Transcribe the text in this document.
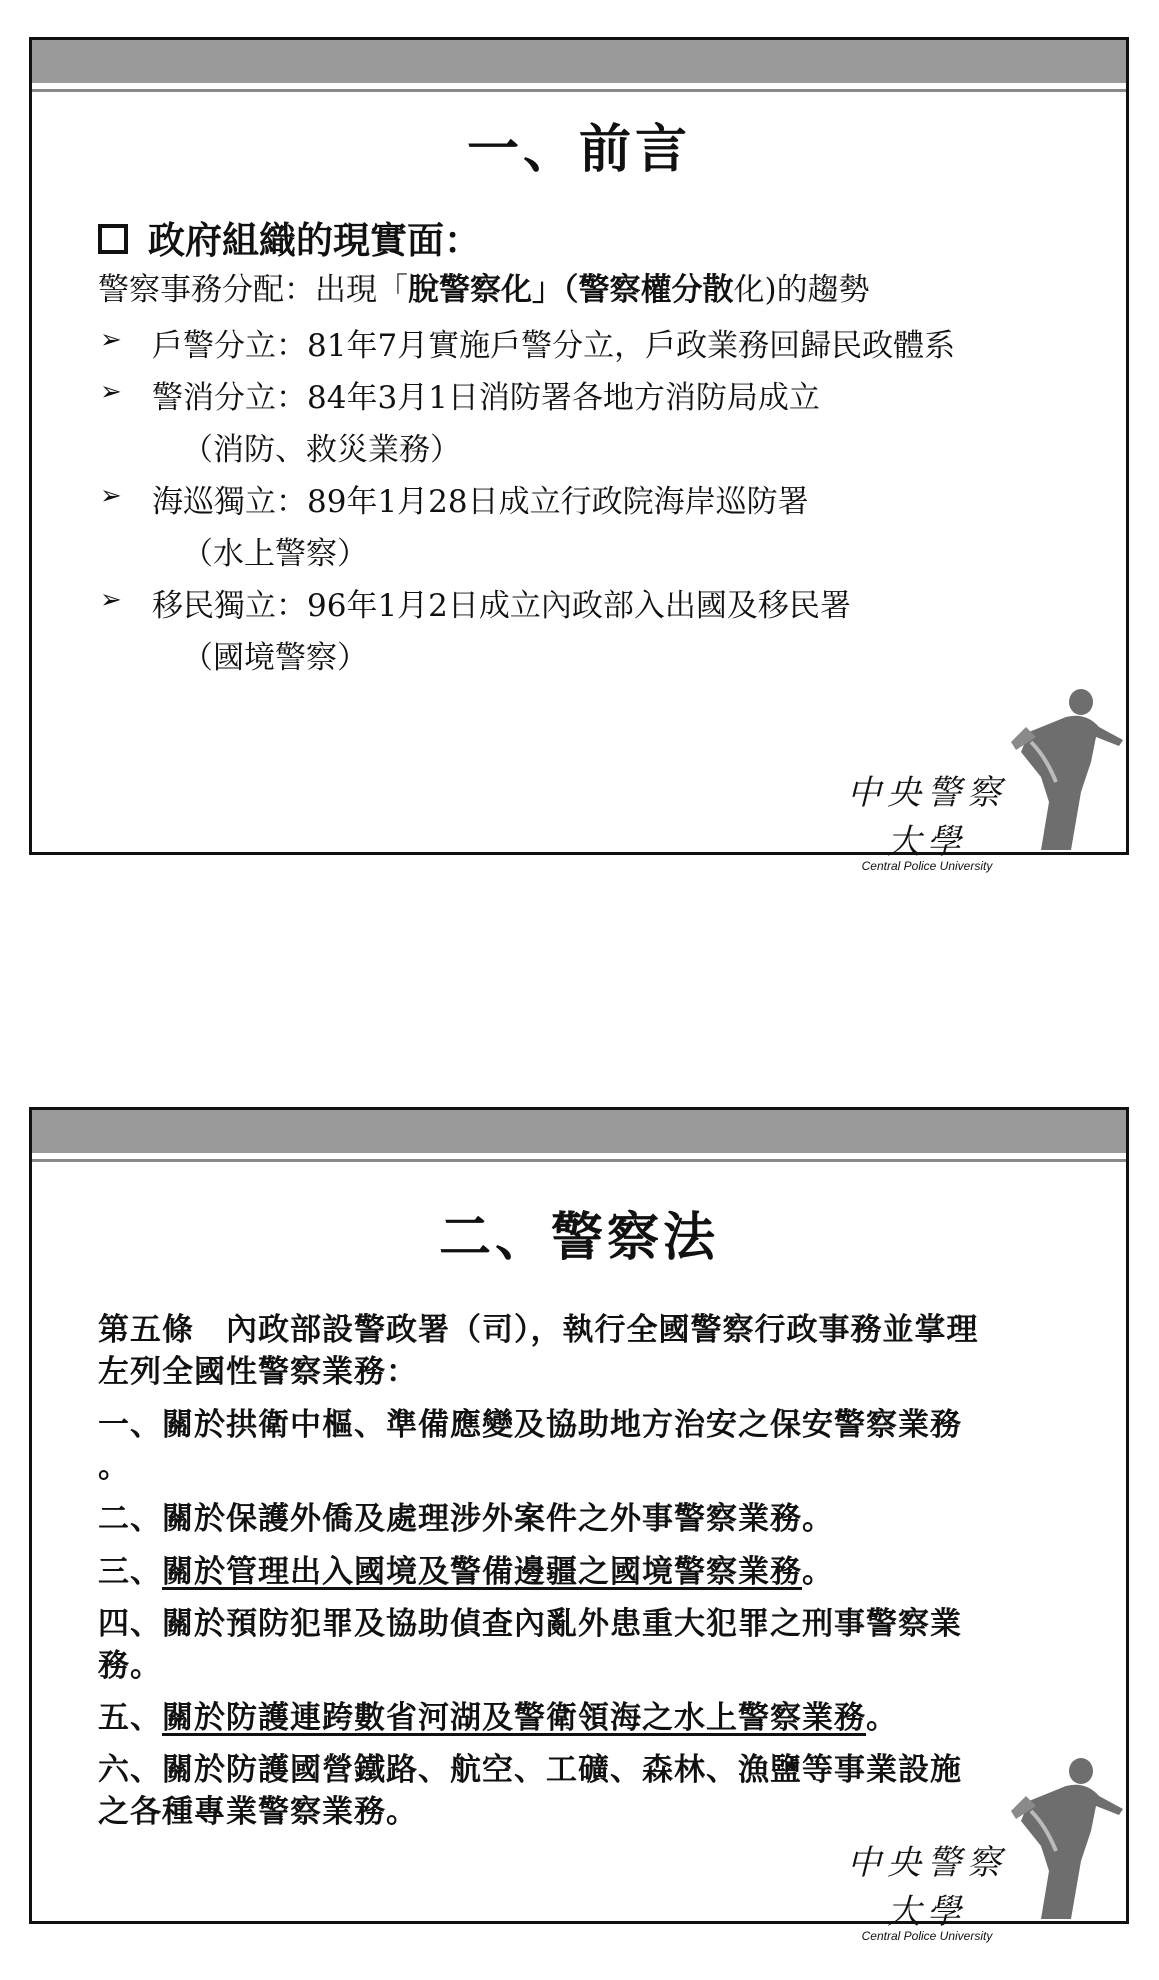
一、前言
政府組織的現實面：
警察事務分配：出現「脫警察化」（警察權分散化)的趨勢
➢ 戶警分立：81年7月實施戶警分立，戶政業務回歸民政體系
➢ 警消分立：84年3月1日消防署各地方消防局成立
（消防、救災業務）
➢ 海巡獨立：89年1月28日成立行政院海岸巡防署
（水上警察）
➢ 移民獨立：96年1月2日成立內政部入出國及移民署
（國境警察）
中央警察大學
Central Police University
二、警察法
第五條　內政部設警政署（司），執行全國警察行政事務並掌理
左列全國性警察業務：
一、關於拱衛中樞、準備應變及協助地方治安之保安警察業務
。
二、關於保護外僑及處理涉外案件之外事警察業務。
三、關於管理出入國境及警備邊疆之國境警察業務。
四、關於預防犯罪及協助偵查內亂外患重大犯罪之刑事警察業
務。
五、關於防護連跨數省河湖及警衛領海之水上警察業務。
六、關於防護國營鐵路、航空、工礦、森林、漁鹽等事業設施
之各種專業警察業務。
中央警察大學
Central Police University
